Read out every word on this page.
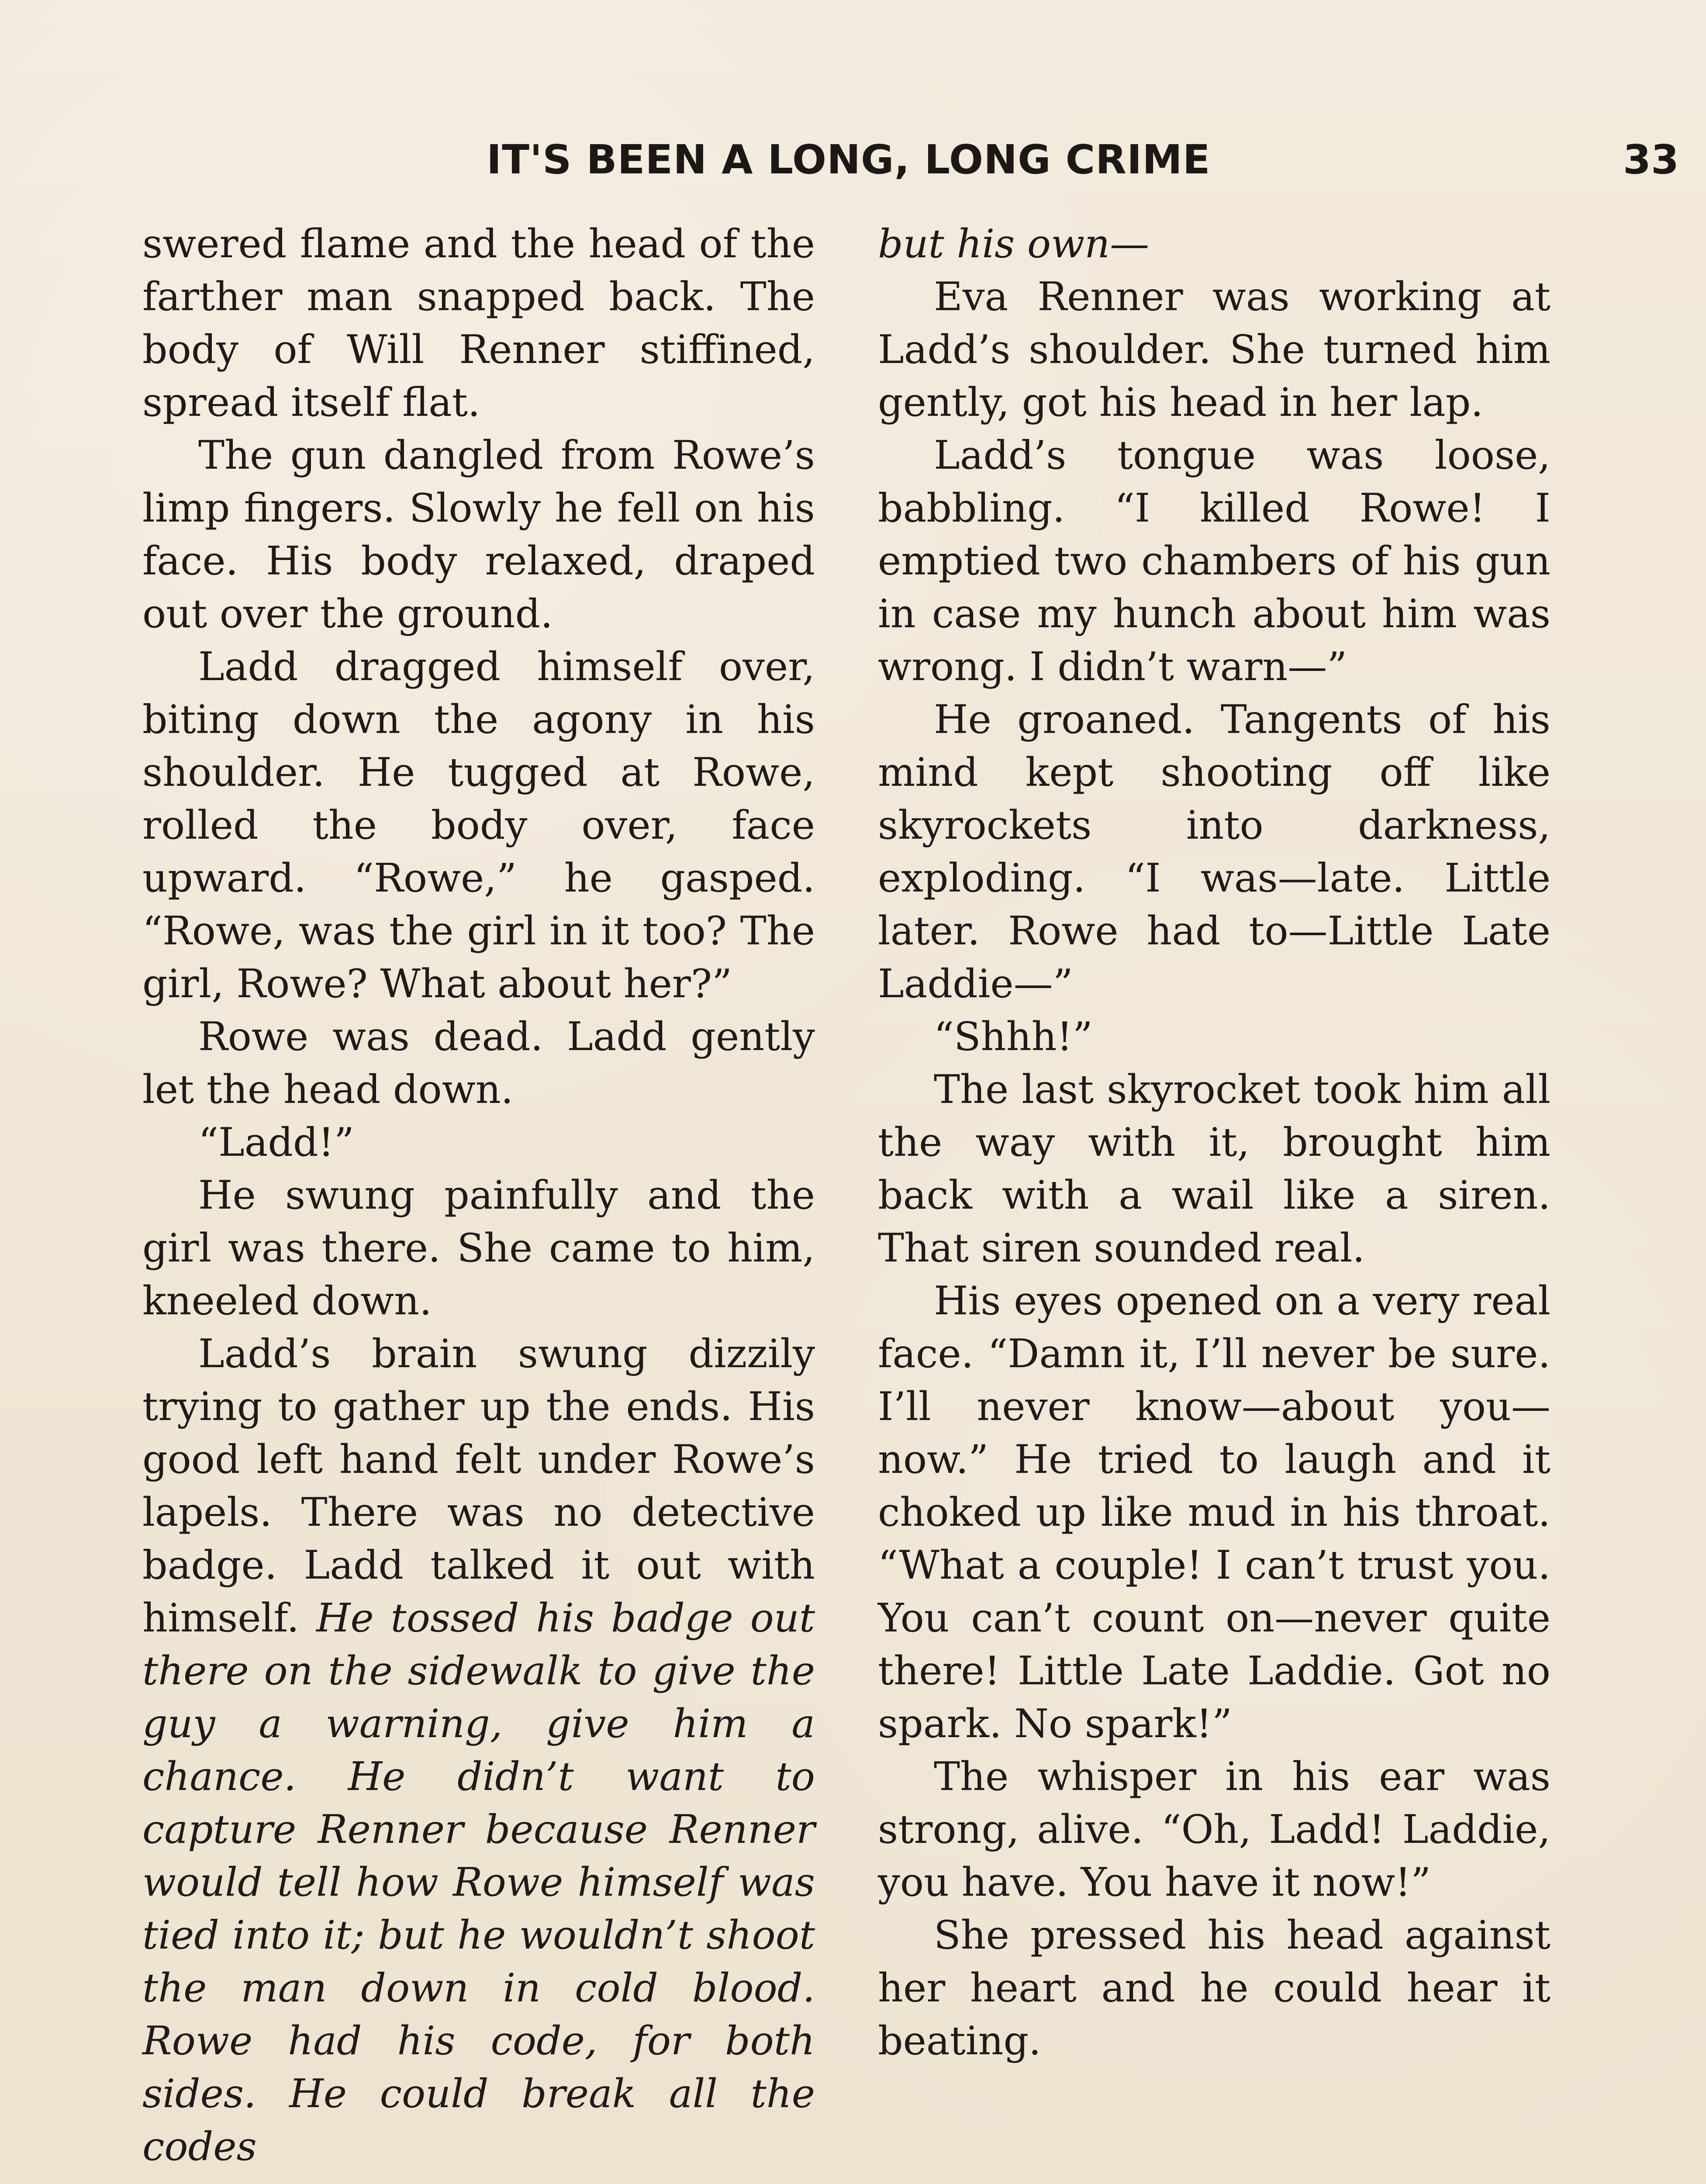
IT'S BEEN A LONG, LONG CRIME	33

swered flame and the head of the farther man snapped back. The body of Will Renner stiffined, spread itself flat.

The gun dangled from Rowe’s limp fingers. Slowly he fell on his face. His body relaxed, draped out over the ground.

Ladd dragged himself over, biting down the agony in his shoulder. He tugged at Rowe, rolled the body over, face upward. “Rowe,” he gasped. “Rowe, was the girl in it too? The girl, Rowe? What about her?”

Rowe was dead. Ladd gently let the head down.

“Ladd!”

He swung painfully and the girl was there. She came to him, kneeled down.

Ladd’s brain swung dizzily trying to gather up the ends. His good left hand felt under Rowe’s lapels. There was no detective badge. Ladd talked it out with himself. He tossed his badge out there on the sidewalk to give the guy a warning, give him a chance. He didn’t want to capture Renner because Renner would tell how Rowe himself was tied into it; but he wouldn’t shoot the man down in cold blood. Rowe had his code, for both sides. He could break all the codes

but his own—

Eva Renner was working at Ladd’s shoulder. She turned him gently, got his head in her lap.

Ladd’s tongue was loose, babbling. “I killed Rowe! I emptied two chambers of his gun in case my hunch about him was wrong. I didn’t warn—”

He groaned. Tangents of his mind kept shooting off like skyrockets into darkness, exploding. “I was—late. Little later. Rowe had to—Little Late Laddie—”

“Shhh!”

The last skyrocket took him all the way with it, brought him back with a wail like a siren. That siren sounded real.

His eyes opened on a very real face. “Damn it, I’ll never be sure. I’ll never know—about you—now.” He tried to laugh and it choked up like mud in his throat. “What a couple! I can’t trust you. You can’t count on—never quite there! Little Late Laddie. Got no spark. No spark!”

The whisper in his ear was strong, alive. “Oh, Ladd! Laddie, you have. You have it now!”

She pressed his head against her heart and he could hear it beating.
